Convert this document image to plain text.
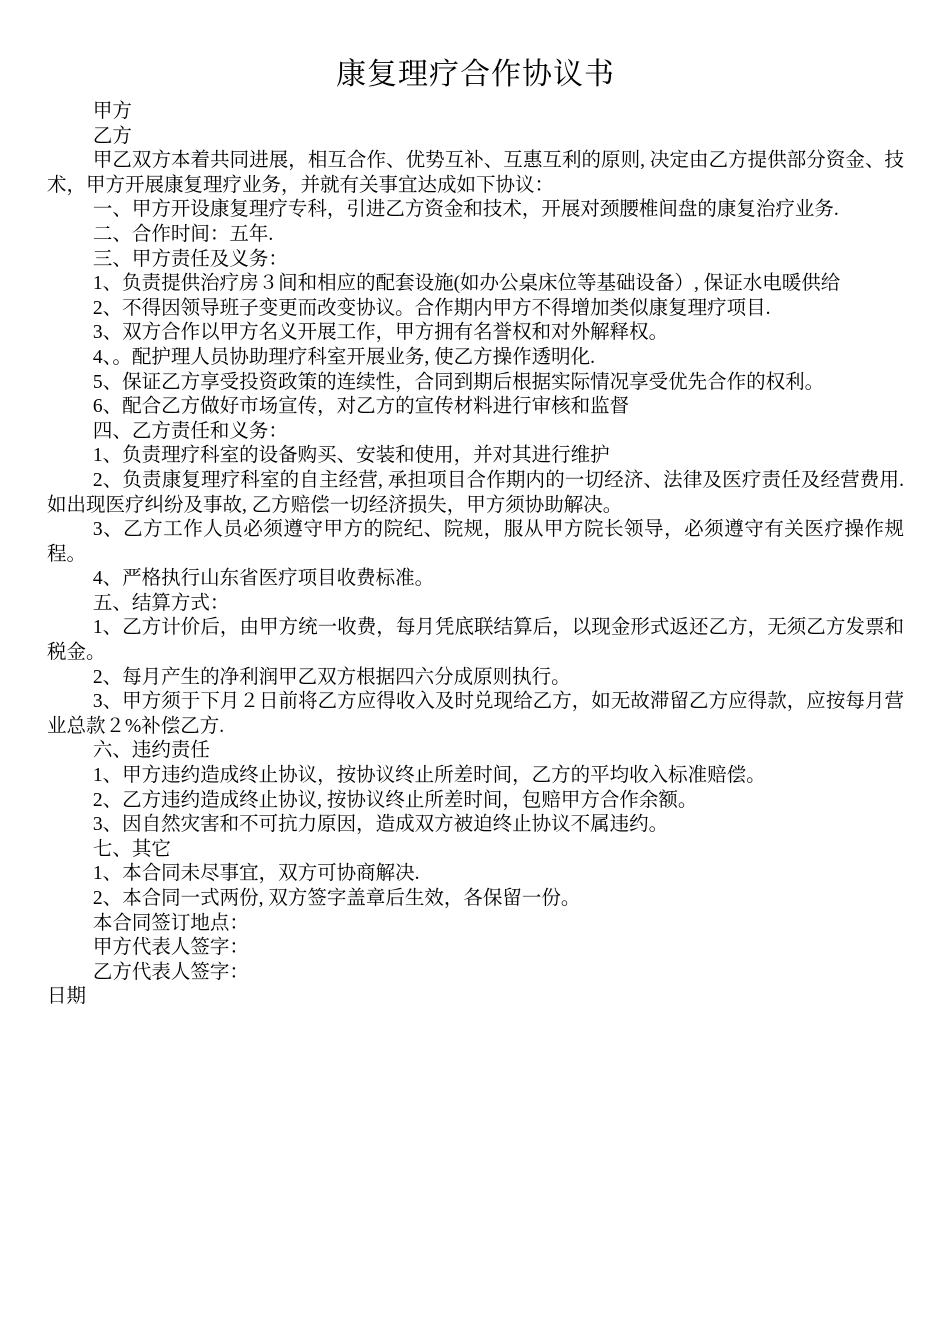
康复理疗合作协议书

甲方

乙方

甲乙双方本着共同进展，相互合作、优势互补、互惠互利的原则, 决定由乙方提供部分资金、技术，甲方开展康复理疗业务，并就有关事宜达成如下协议：

一、甲方开设康复理疗专科，引进乙方资金和技术，开展对颈腰椎间盘的康复治疗业务.

二、合作时间：五年.

三、甲方责任及义务：

1、负责提供治疗房３间和相应的配套设施(如办公桌床位等基础设备）, 保证水电暖供给

2、不得因领导班子变更而改变协议。合作期内甲方不得增加类似康复理疗项目.

3、双方合作以甲方名义开展工作，甲方拥有名誉权和对外解释权。

4、。配护理人员协助理疗科室开展业务, 使乙方操作透明化.

5、保证乙方享受投资政策的连续性，合同到期后根据实际情况享受优先合作的权利。

6、配合乙方做好市场宣传，对乙方的宣传材料进行审核和监督

四、乙方责任和义务：

1、负责理疗科室的设备购买、安装和使用，并对其进行维护

2、负责康复理疗科室的自主经营, 承担项目合作期内的一切经济、法律及医疗责任及经营费用. 如出现医疗纠纷及事故, 乙方赔偿一切经济损失，甲方须协助解决。

3、乙方工作人员必须遵守甲方的院纪、院规，服从甲方院长领导，必须遵守有关医疗操作规程。

4、严格执行山东省医疗项目收费标准。

五、结算方式：

1、乙方计价后，由甲方统一收费，每月凭底联结算后，以现金形式返还乙方，无须乙方发票和税金。

2、每月产生的净利润甲乙双方根据四六分成原则执行。

3、甲方须于下月２日前将乙方应得收入及时兑现给乙方，如无故滞留乙方应得款，应按每月营业总款２%补偿乙方.

六、违约责任

1、甲方违约造成终止协议，按协议终止所差时间，乙方的平均收入标准赔偿。

2、乙方违约造成终止协议, 按协议终止所差时间，包赔甲方合作余额。

3、因自然灾害和不可抗力原因，造成双方被迫终止协议不属违约。

七、其它

1、本合同未尽事宜，双方可协商解决.

2、本合同一式两份, 双方签字盖章后生效，各保留一份。

本合同签订地点：

甲方代表人签字：

乙方代表人签字：

日期
